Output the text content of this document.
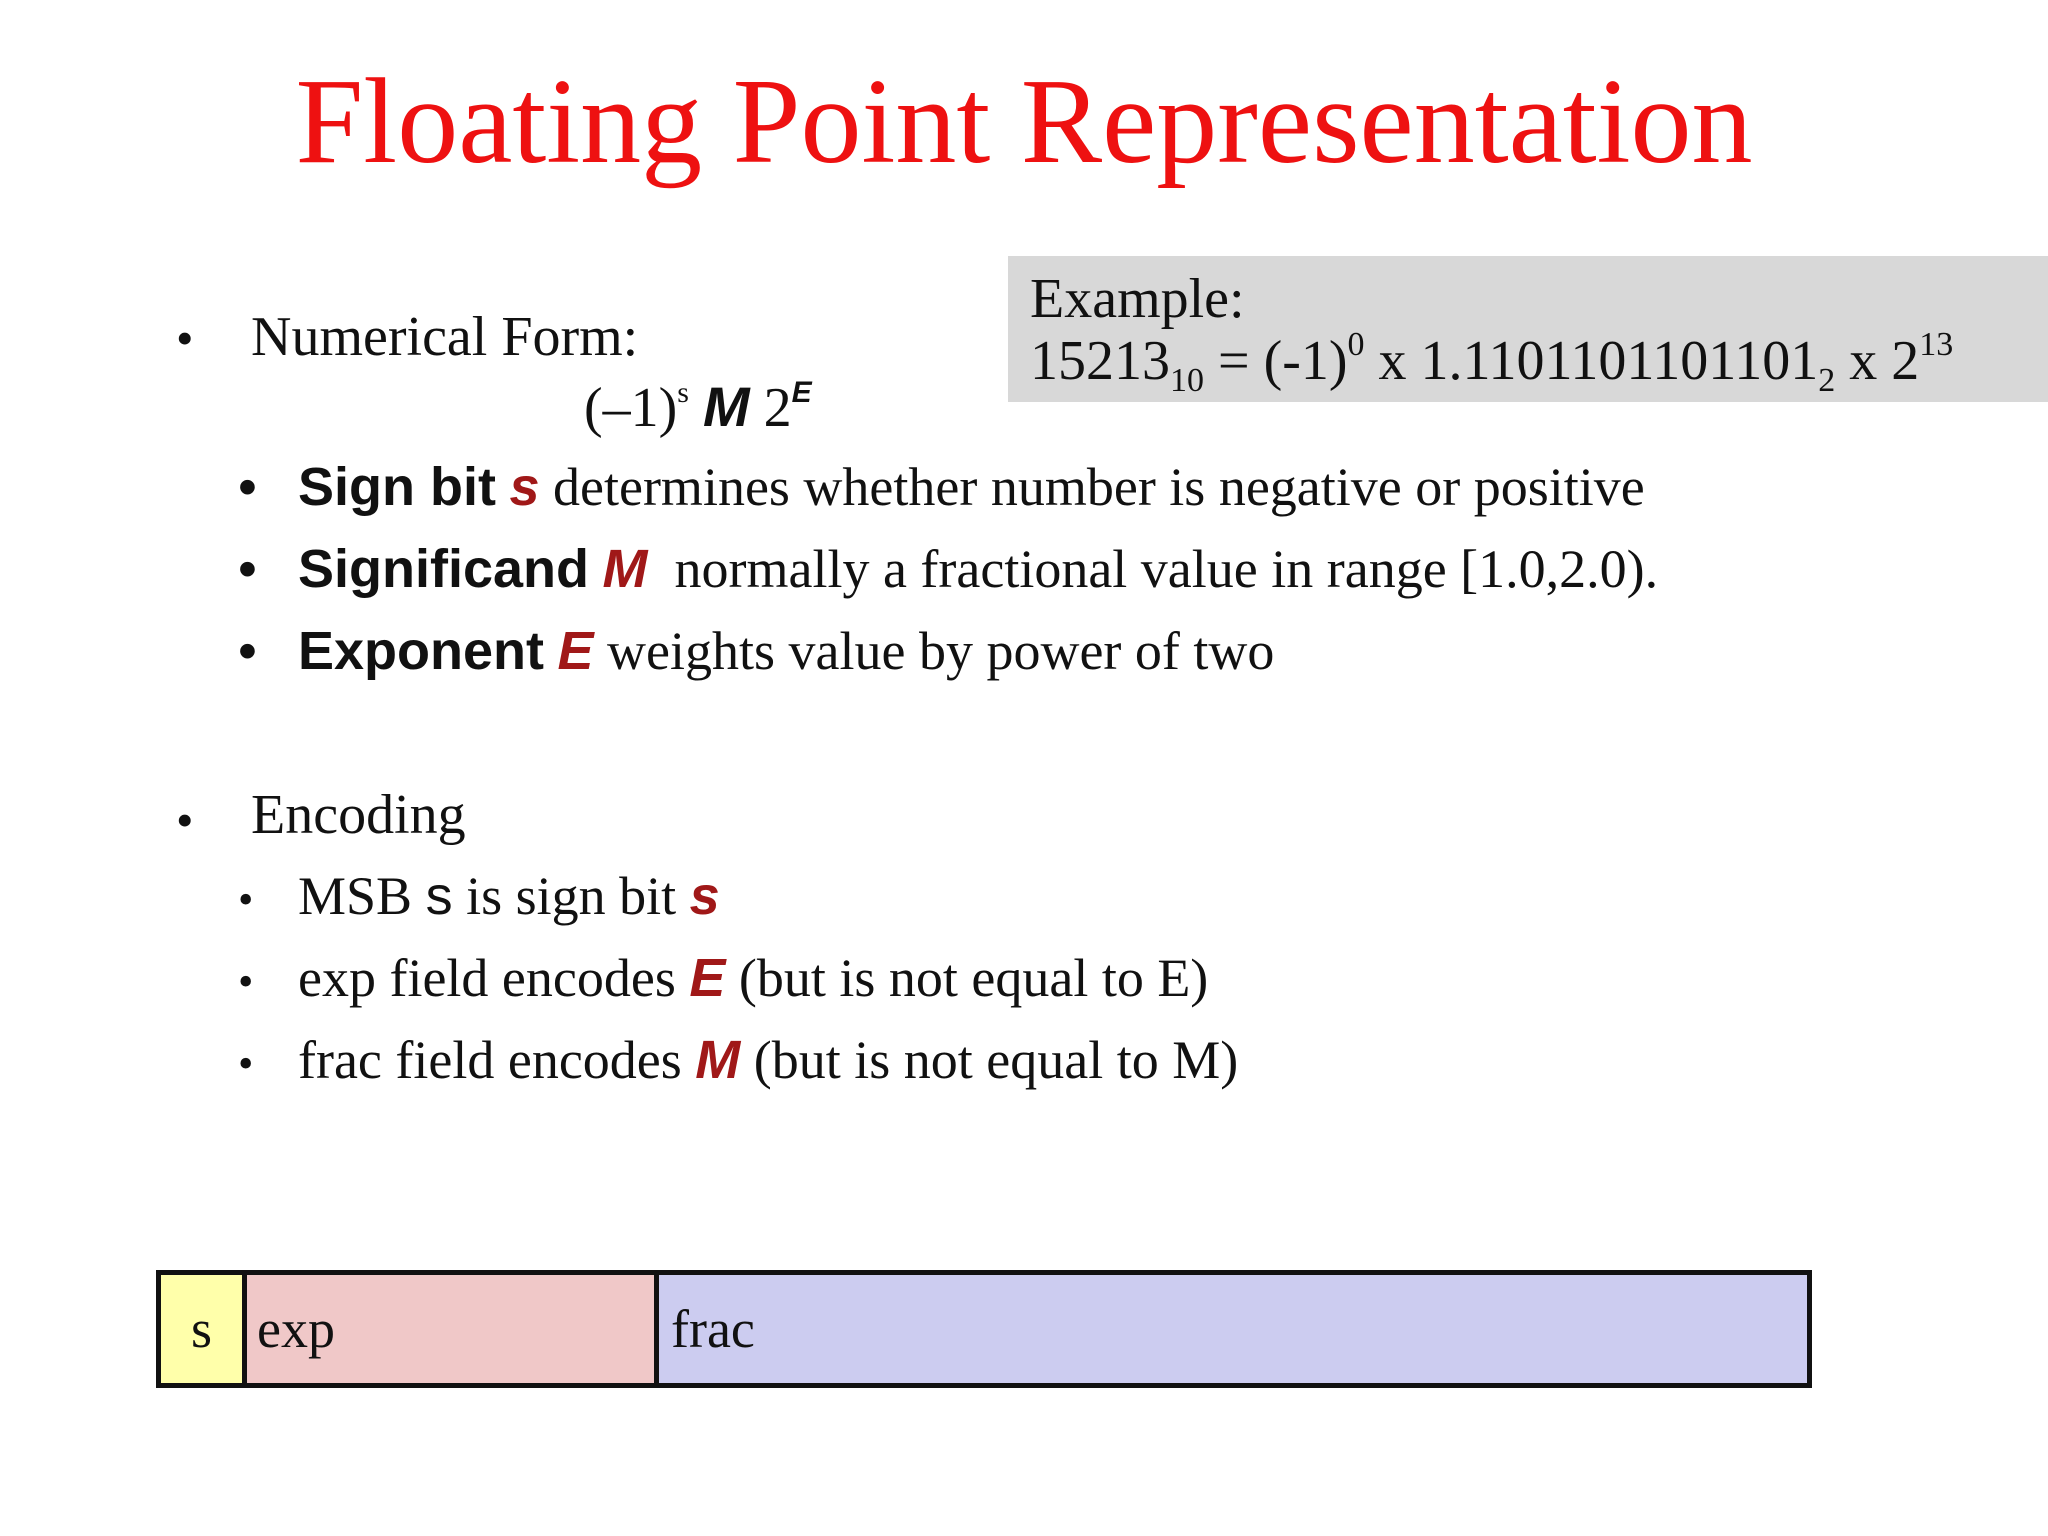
Floating Point Representation
Example:
$15213_{10} = (-1)^0$ x $1.1101101101101_2$ x $2^{13}$
• Numerical Form:
$(-1)^s$ M $2^E$
• Sign bit s determines whether number is negative or positive
• Significand M  normally a fractional value in range [1.0,2.0).
• Exponent E weights value by power of two
• Encoding
• MSB s is sign bit s
• exp field encodes E (but is not equal to E)
• frac field encodes M (but is not equal to M)
s exp	frac
